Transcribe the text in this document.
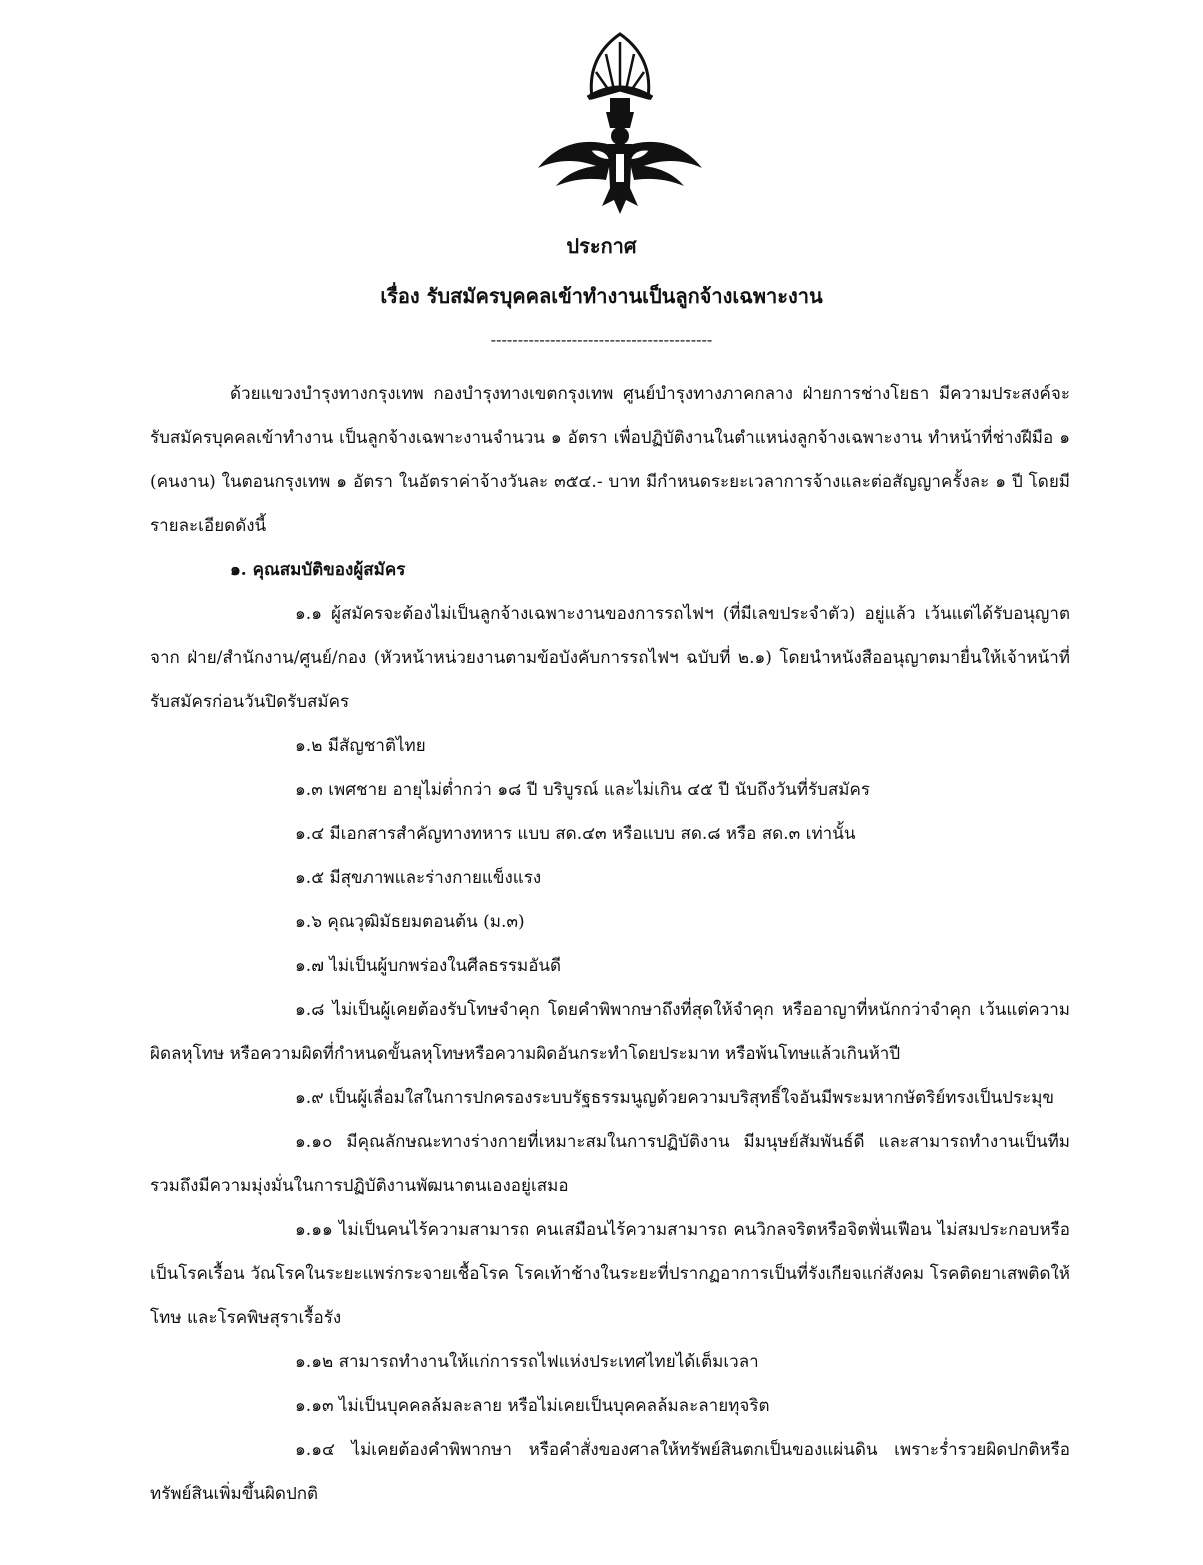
ประกาศ
เรื่อง รับสมัครบุคคลเข้าทำงานเป็นลูกจ้างเฉพาะงาน
-----------------------------------------

ด้วยแขวงบำรุงทางกรุงเทพ กองบำรุงทางเขตกรุงเทพ ศูนย์บำรุงทางภาคกลาง ฝ่ายการช่างโยธา มีความประสงค์จะรับสมัครบุคคลเข้าทำงาน เป็นลูกจ้างเฉพาะงานจำนวน ๑ อัตรา เพื่อปฏิบัติงานในตำแหน่งลูกจ้างเฉพาะงาน ทำหน้าที่ช่างฝีมือ ๑ (คนงาน) ในตอนกรุงเทพ ๑ อัตรา ในอัตราค่าจ้างวันละ ๓๕๔.- บาท มีกำหนดระยะเวลาการจ้างและต่อสัญญาครั้งละ ๑ ปี โดยมีรายละเอียดดังนี้

๑. คุณสมบัติของผู้สมัคร

๑.๑ ผู้สมัครจะต้องไม่เป็นลูกจ้างเฉพาะงานของการรถไฟฯ (ที่มีเลขประจำตัว) อยู่แล้ว เว้นแต่ได้รับอนุญาตจาก ฝ่าย/สำนักงาน/ศูนย์/กอง (หัวหน้าหน่วยงานตามข้อบังคับการรถไฟฯ ฉบับที่ ๒.๑) โดยนำหนังสืออนุญาตมายื่นให้เจ้าหน้าที่รับสมัครก่อนวันปิดรับสมัคร

๑.๒ มีสัญชาติไทย

๑.๓ เพศชาย อายุไม่ต่ำกว่า ๑๘ ปี บริบูรณ์ และไม่เกิน ๔๕ ปี นับถึงวันที่รับสมัคร

๑.๔ มีเอกสารสำคัญทางทหาร แบบ สด.๔๓ หรือแบบ สด.๘ หรือ สด.๓ เท่านั้น

๑.๕ มีสุขภาพและร่างกายแข็งแรง

๑.๖ คุณวุฒิมัธยมตอนต้น (ม.๓)

๑.๗ ไม่เป็นผู้บกพร่องในศีลธรรมอันดี

๑.๘ ไม่เป็นผู้เคยต้องรับโทษจำคุก โดยคำพิพากษาถึงที่สุดให้จำคุก หรืออาญาที่หนักกว่าจำคุก เว้นแต่ความผิดลหุโทษ หรือความผิดที่กำหนดขั้นลหุโทษหรือความผิดอันกระทำโดยประมาท หรือพ้นโทษแล้วเกินห้าปี

๑.๙ เป็นผู้เลื่อมใสในการปกครองระบบรัฐธรรมนูญด้วยความบริสุทธิ์ใจอันมีพระมหากษัตริย์ทรงเป็นประมุข

๑.๑๐ มีคุณลักษณะทางร่างกายที่เหมาะสมในการปฏิบัติงาน มีมนุษย์สัมพันธ์ดี และสามารถทำงานเป็นทีม รวมถึงมีความมุ่งมั่นในการปฏิบัติงานพัฒนาตนเองอยู่เสมอ

๑.๑๑ ไม่เป็นคนไร้ความสามารถ คนเสมือนไร้ความสามารถ คนวิกลจริตหรือจิตฟั่นเฟือน ไม่สมประกอบหรือเป็นโรคเรื้อน วัณโรคในระยะแพร่กระจายเชื้อโรค โรคเท้าช้างในระยะที่ปรากฏอาการเป็นที่รังเกียจแก่สังคม โรคติดยาเสพติดให้โทษ และโรคพิษสุราเรื้อรัง

๑.๑๒ สามารถทำงานให้แก่การรถไฟแห่งประเทศไทยได้เต็มเวลา

๑.๑๓ ไม่เป็นบุคคลล้มละลาย หรือไม่เคยเป็นบุคคลล้มละลายทุจริต

๑.๑๔ ไม่เคยต้องคำพิพากษา หรือคำสั่งของศาลให้ทรัพย์สินตกเป็นของแผ่นดิน เพราะร่ำรวยผิดปกติหรือทรัพย์สินเพิ่มขึ้นผิดปกติ
